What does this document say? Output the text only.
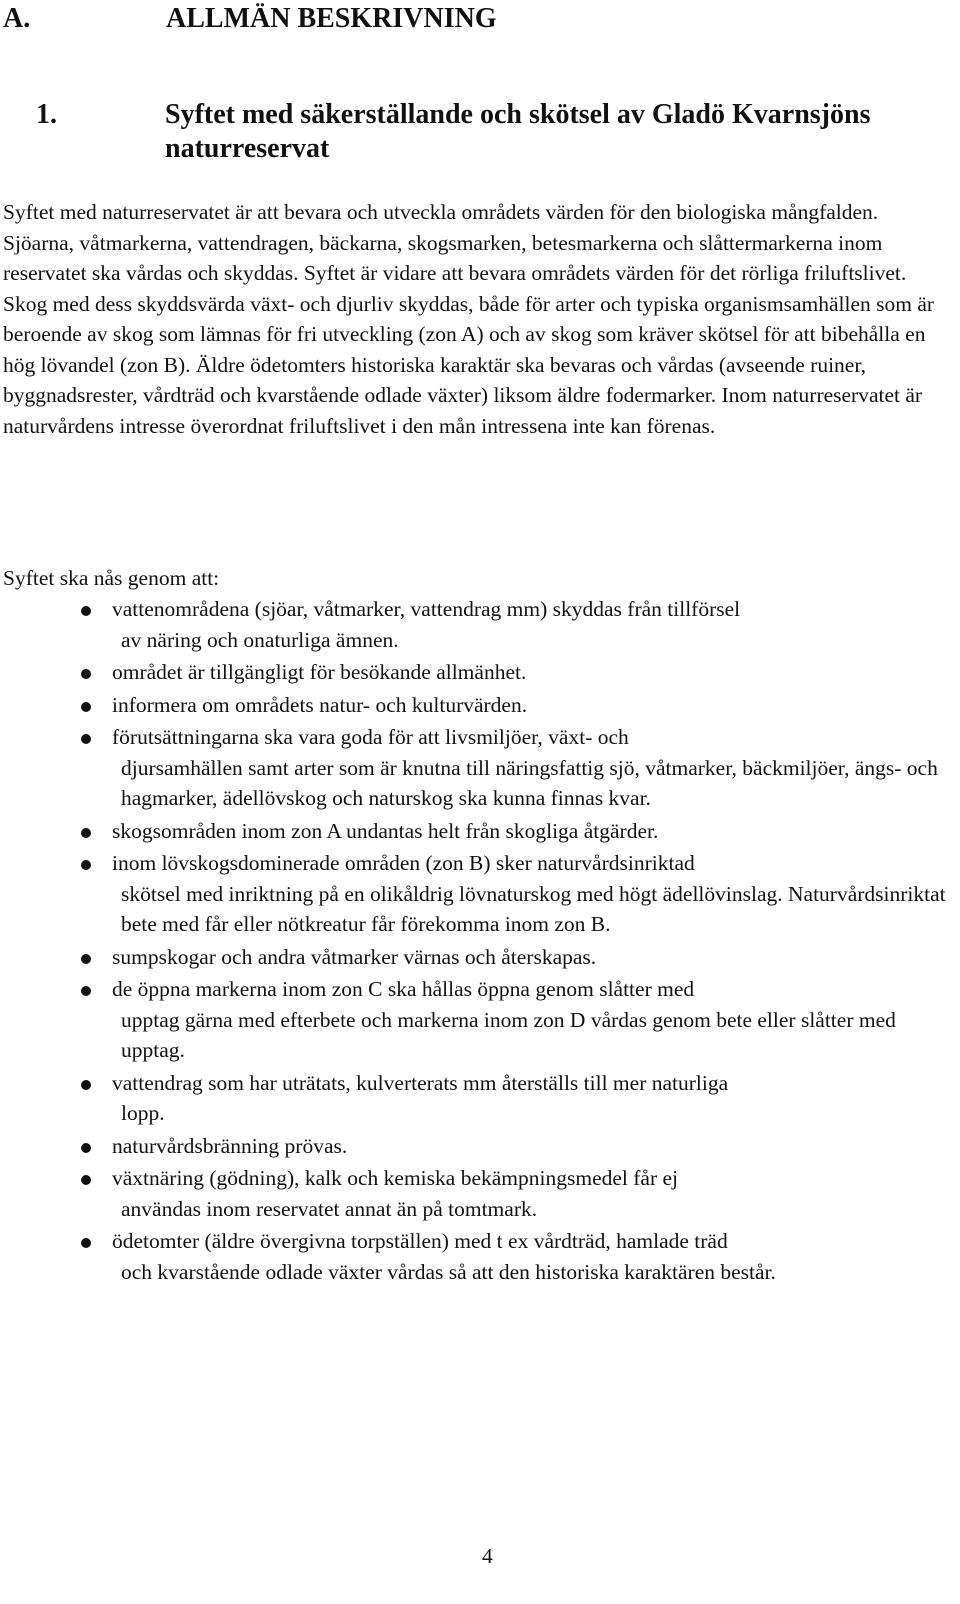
A.	ALLMÄN BESKRIVNING
1.	Syftet med säkerställande och skötsel av Gladö Kvarnsjöns naturreservat

Syftet med naturreservatet är att bevara och utveckla områdets värden för den biologiska mångfalden. Sjöarna, våtmarkerna, vattendragen, bäckarna, skogsmarken, betesmarkerna och slåttermarkerna inom reservatet ska vårdas och skyddas. Syftet är vidare att bevara områdets värden för det rörliga friluftslivet. Skog med dess skyddsvärda växt- och djurliv skyddas, både för arter och typiska organismsamhällen som är beroende av skog som lämnas för fri utveckling (zon A) och av skog som kräver skötsel för att bibehålla en hög lövandel (zon B). Äldre ödetomters historiska karaktär ska bevaras och vårdas (avseende ruiner, byggnadsrester, vårdträd och kvarstående odlade växter) liksom äldre fodermarker. Inom naturreservatet är naturvårdens intresse överordnat friluftslivet i den mån intressena inte kan förenas.

Syftet ska nås genom att:

vattenområdena (sjöar, våtmarker, vattendrag mm) skyddas från tillförsel
av näring och onaturliga ämnen.
området är tillgängligt för besökande allmänhet.
informera om områdets natur- och kulturvärden.
förutsättningarna ska vara goda för att livsmiljöer, växt- och
djursamhällen samt arter som är knutna till näringsfattig sjö, våtmarker, bäckmiljöer, ängs- och hagmarker, ädellövskog och naturskog ska kunna finnas kvar.
skogsområden inom zon A undantas helt från skogliga åtgärder.
inom lövskogsdominerade områden (zon B) sker naturvårdsinriktad
skötsel med inriktning på en olikåldrig lövnaturskog med högt ädellövinslag. Naturvårdsinriktat bete med får eller nötkreatur får förekomma inom zon B.
sumpskogar och andra våtmarker värnas och återskapas.
de öppna markerna inom zon C ska hållas öppna genom slåtter med
upptag gärna med efterbete och markerna inom zon D vårdas genom bete eller slåtter med upptag.
vattendrag som har uträtats, kulverterats mm återställs till mer naturliga
lopp.
naturvårdsbränning prövas.
växtnäring (gödning), kalk och kemiska bekämpningsmedel får ej
användas inom reservatet annat än på tomtmark.
ödetomter (äldre övergivna torpställen) med t ex vårdträd, hamlade träd
och kvarstående odlade växter vårdas så att den historiska karaktären består.

4
